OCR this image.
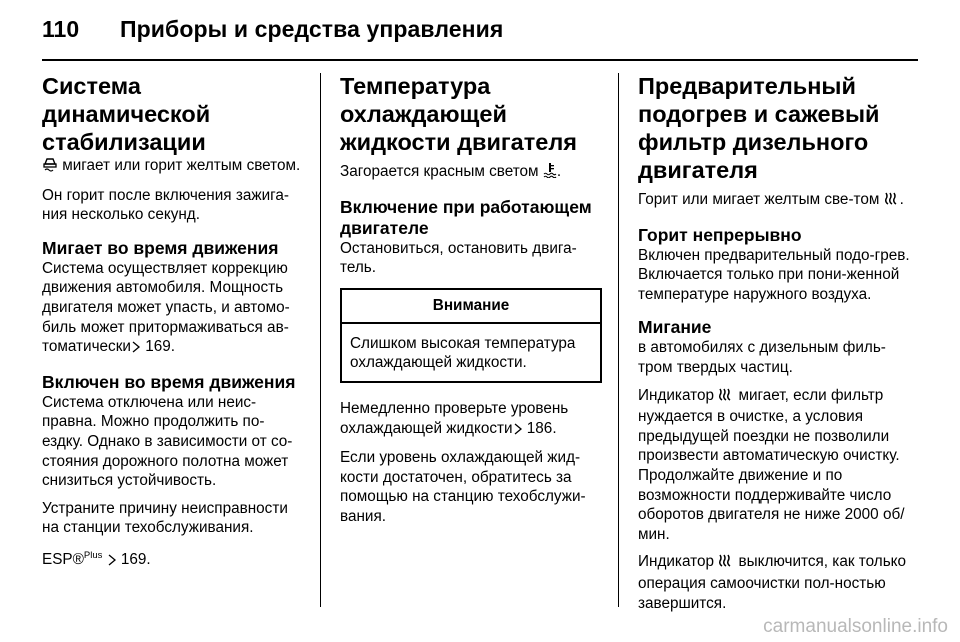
110	Приборы и средства управления
Система динамической стабилизации

мигает или горит желтым светом.

Он горит после включения зажига-ния несколько секунд.

Мигает во время движения

Система осуществляет коррекцию движения автомобиля. Мощность двигателя может упасть, и автомо-биль может притормаживаться ав-томатически 169.

Включен во время движения

Система отключена или неис-правна. Можно продолжить по-ездку. Однако в зависимости от со-стояния дорожного полотна может снизиться устойчивость.

Устраните причину неисправности на станции техобслуживания.

ESP®$^{Plus}$  169.

Температура охлаждающей жидкости двигателя

Загорается красным светом .

Включение при работающем двигателе

Остановиться, остановить двига-тель.

Внимание
Слишком высокая температура охлаждающей жидкости.

Немедленно проверьте уровень охлаждающей жидкости 186.

Если уровень охлаждающей жид-кости достаточен, обратитесь за помощью на станцию техобслужи-вания.

Предварительный подогрев и сажевый фильтр дизельного двигателя

Горит или мигает желтым све-том .

Горит непрерывно

Включен предварительный подо-грев. Включается только при пони-женной температуре наружного воздуха.

Мигание

в автомобилях с дизельным филь-тром твердых частиц.

Индикатор  мигает, если фильтр нуждается в очистке, а условия предыдущей поездки не позволили произвести автоматическую очистку. Продолжайте движение и по возможности поддерживайте число оборотов двигателя не ниже 2000 об/мин.

Индикатор  выключится, как только операция самоочистки пол-ностью завершится.

carmanualsonline.info
